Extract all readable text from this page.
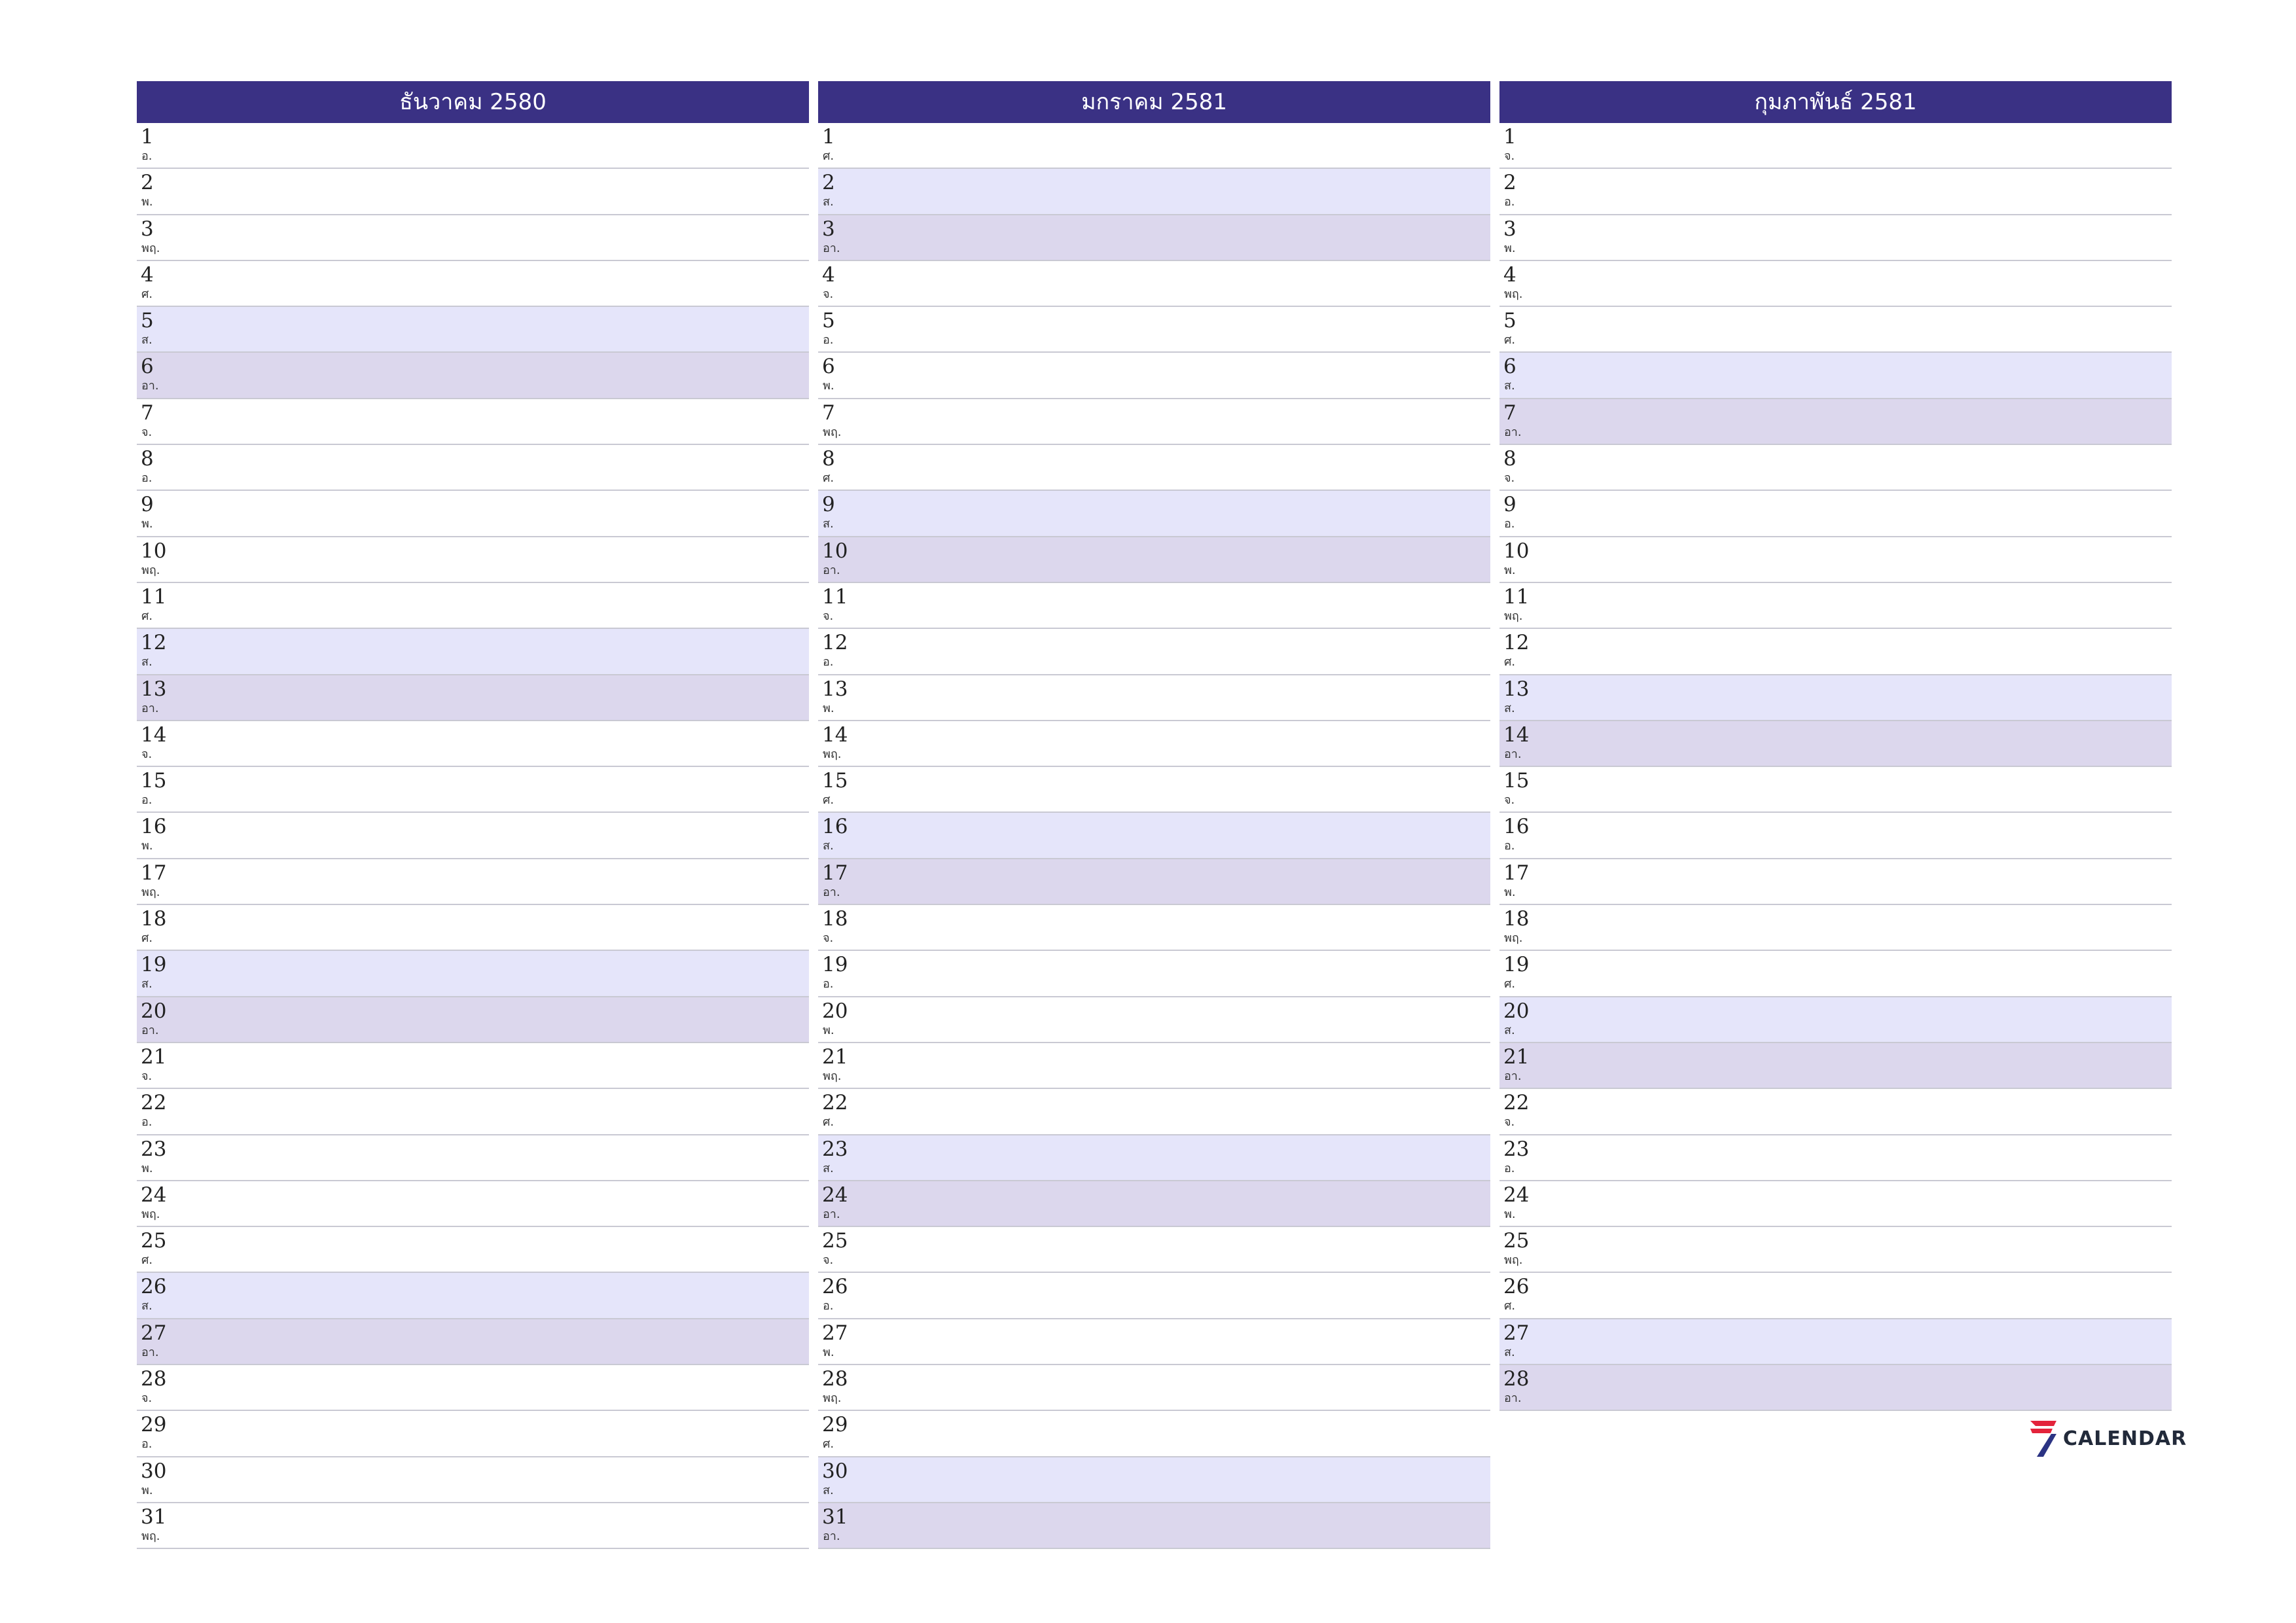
ธันวาคม 2580
1
อ.
2
พ.
3
พฤ.
4
ศ.
5
ส.
6
อา.
7
จ.
8
อ.
9
พ.
10
พฤ.
11
ศ.
12
ส.
13
อา.
14
จ.
15
อ.
16
พ.
17
พฤ.
18
ศ.
19
ส.
20
อา.
21
จ.
22
อ.
23
พ.
24
พฤ.
25
ศ.
26
ส.
27
อา.
28
จ.
29
อ.
30
พ.
31
พฤ.
มกราคม 2581
1
ศ.
2
ส.
3
อา.
4
จ.
5
อ.
6
พ.
7
พฤ.
8
ศ.
9
ส.
10
อา.
11
จ.
12
อ.
13
พ.
14
พฤ.
15
ศ.
16
ส.
17
อา.
18
จ.
19
อ.
20
พ.
21
พฤ.
22
ศ.
23
ส.
24
อา.
25
จ.
26
อ.
27
พ.
28
พฤ.
29
ศ.
30
ส.
31
อา.
กุมภาพันธ์ 2581
1
จ.
2
อ.
3
พ.
4
พฤ.
5
ศ.
6
ส.
7
อา.
8
จ.
9
อ.
10
พ.
11
พฤ.
12
ศ.
13
ส.
14
อา.
15
จ.
16
อ.
17
พ.
18
พฤ.
19
ศ.
20
ส.
21
อา.
22
จ.
23
อ.
24
พ.
25
พฤ.
26
ศ.
27
ส.
28
อา.
CALENDAR
